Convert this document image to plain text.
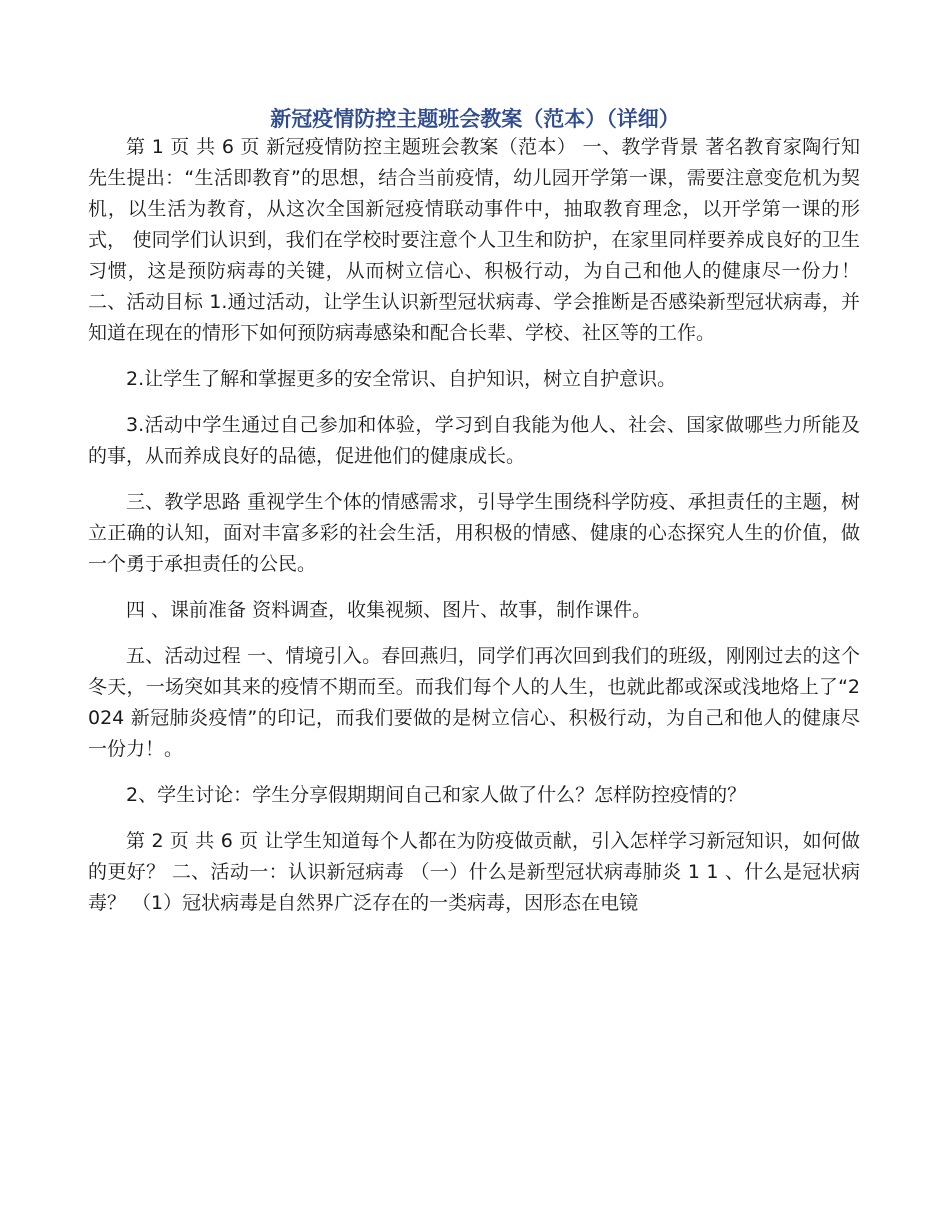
新冠疫情防控主题班会教案（范本）（详细）

第 1 页 共 6 页 新冠疫情防控主题班会教案（范本） 一、教学背景 著名教育家陶行知先生提出：“生活即教育”的思想，结合当前疫情，幼儿园开学第一课，需要注意变危机为契机，以生活为教育，从这次全国新冠疫情联动事件中，抽取教育理念，以开学第一课的形式， 使同学们认识到，我们在学校时要注意个人卫生和防护，在家里同样要养成良好的卫生习惯，这是预防病毒的关键，从而树立信心、积极行动，为自己和他人的健康尽一份力！ 二、活动目标 1.通过活动，让学生认识新型冠状病毒、学会推断是否感染新型冠状病毒，并知道在现在的情形下如何预防病毒感染和配合长辈、学校、社区等的工作。

2.让学生了解和掌握更多的安全常识、自护知识，树立自护意识。

3.活动中学生通过自己参加和体验，学习到自我能为他人、社会、国家做哪些力所能及的事，从而养成良好的品德，促进他们的健康成长。

三、教学思路 重视学生个体的情感需求，引导学生围绕科学防疫、承担责任的主题，树立正确的认知，面对丰富多彩的社会生活，用积极的情感、健康的心态探究人生的价值，做一个勇于承担责任的公民。

四 、课前准备 资料调查，收集视频、图片、故事，制作课件。

五、活动过程 一、情境引入。春回燕归，同学们再次回到我们的班级，刚刚过去的这个冬天，一场突如其来的疫情不期而至。而我们每个人的人生，也就此都或深或浅地烙上了“2024 新冠肺炎疫情”的印记，而我们要做的是树立信心、积极行动，为自己和他人的健康尽一份力！。

2、学生讨论：学生分享假期期间自己和家人做了什么？怎样防控疫情的？

第 2 页 共 6 页 让学生知道每个人都在为防疫做贡献，引入怎样学习新冠知识，如何做的更好？ 二、活动一：认识新冠病毒 （一）什么是新型冠状病毒肺炎 1 1 、什么是冠状病毒？ （1）冠状病毒是自然界广泛存在的一类病毒，因形态在电镜
